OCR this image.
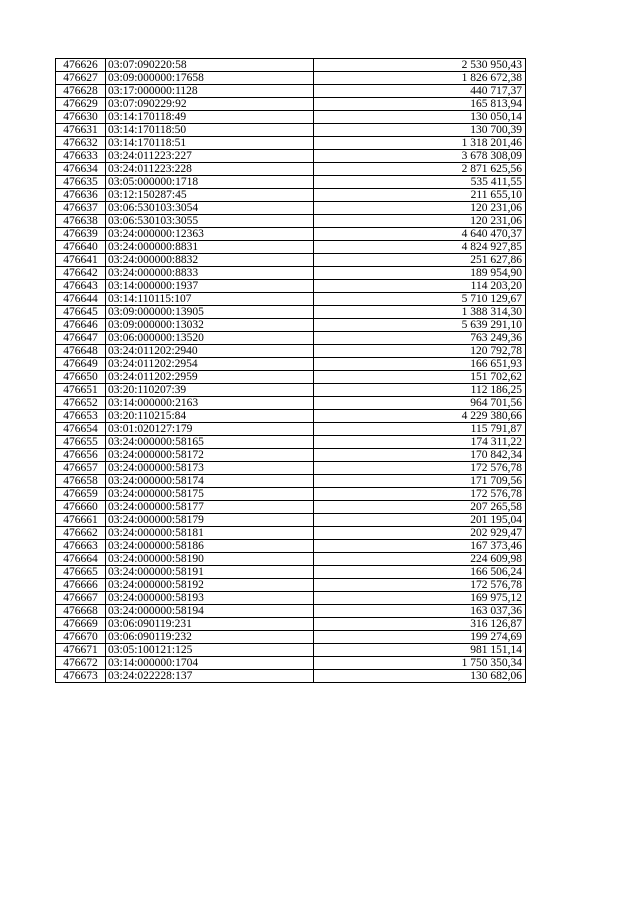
476626	03:07:090220:58	2 530 950,43
476627	03:09:000000:17658	1 826 672,38
476628	03:17:000000:1128	440 717,37
476629	03:07:090229:92	165 813,94
476630	03:14:170118:49	130 050,14
476631	03:14:170118:50	130 700,39
476632	03:14:170118:51	1 318 201,46
476633	03:24:011223:227	3 678 308,09
476634	03:24:011223:228	2 871 625,56
476635	03:05:000000:1718	535 411,55
476636	03:12:150287:45	211 655,10
476637	03:06:530103:3054	120 231,06
476638	03:06:530103:3055	120 231,06
476639	03:24:000000:12363	4 640 470,37
476640	03:24:000000:8831	4 824 927,85
476641	03:24:000000:8832	251 627,86
476642	03:24:000000:8833	189 954,90
476643	03:14:000000:1937	114 203,20
476644	03:14:110115:107	5 710 129,67
476645	03:09:000000:13905	1 388 314,30
476646	03:09:000000:13032	5 639 291,10
476647	03:06:000000:13520	763 249,36
476648	03:24:011202:2940	120 792,78
476649	03:24:011202:2954	166 651,93
476650	03:24:011202:2959	151 702,62
476651	03:20:110207:39	112 186,25
476652	03:14:000000:2163	964 701,56
476653	03:20:110215:84	4 229 380,66
476654	03:01:020127:179	115 791,87
476655	03:24:000000:58165	174 311,22
476656	03:24:000000:58172	170 842,34
476657	03:24:000000:58173	172 576,78
476658	03:24:000000:58174	171 709,56
476659	03:24:000000:58175	172 576,78
476660	03:24:000000:58177	207 265,58
476661	03:24:000000:58179	201 195,04
476662	03:24:000000:58181	202 929,47
476663	03:24:000000:58186	167 373,46
476664	03:24:000000:58190	224 609,98
476665	03:24:000000:58191	166 506,24
476666	03:24:000000:58192	172 576,78
476667	03:24:000000:58193	169 975,12
476668	03:24:000000:58194	163 037,36
476669	03:06:090119:231	316 126,87
476670	03:06:090119:232	199 274,69
476671	03:05:100121:125	981 151,14
476672	03:14:000000:1704	1 750 350,34
476673	03:24:022228:137	130 682,06
